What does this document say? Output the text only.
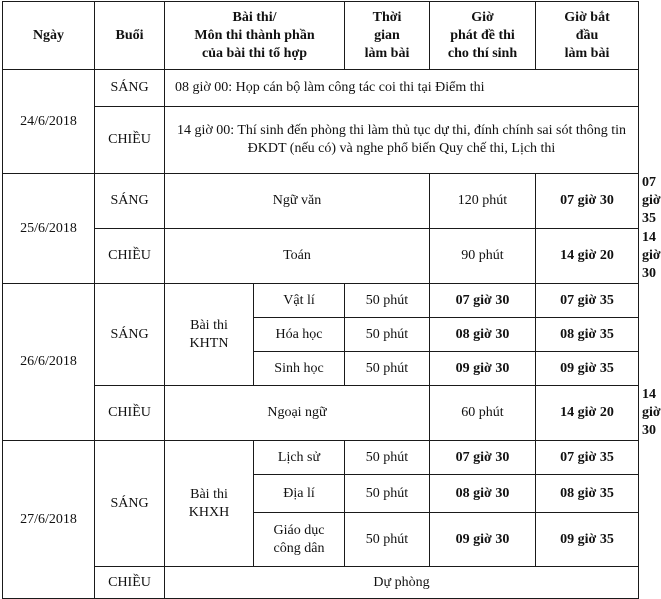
Ngày	Buổi	Bài thi/
Môn thi thành phần
của bài thi tổ hợp		Thời
gian
làm bài	Giờ
phát đề thi
cho thí sinh	Giờ bắt
đầu
làm bài	
24/6/2018	SÁNG	08 giờ 00: Họp cán bộ làm công tác coi thi tại Điểm thi					
	CHIỀU	14 giờ 00: Thí sinh đến phòng thi làm thủ tục dự thi, đính chính sai sót thông tin ĐKDT (nếu có) và nghe phổ biến Quy chế thi, Lịch thi					
25/6/2018	SÁNG	Ngữ văn			120 phút	07 giờ 30	07 giờ 35
	CHIỀU	Toán			90 phút	14 giờ 20	14 giờ 30
26/6/2018	SÁNG	Bài thi
KHTN	Vật lí	50 phút	07 giờ 30	07 giờ 35	
			Hóa học	50 phút	08 giờ 30	08 giờ 35	
			Sinh học	50 phút	09 giờ 30	09 giờ 35	
	CHIỀU	Ngoại ngữ			60 phút	14 giờ 20	14 giờ 30
27/6/2018	SÁNG	Bài thi
KHXH	Lịch sử	50 phút	07 giờ 30	07 giờ 35	
			Địa lí	50 phút	08 giờ 30	08 giờ 35	
			Giáo dục
công dân	50 phút	09 giờ 30	09 giờ 35	
	CHIỀU	Dự phòng					
